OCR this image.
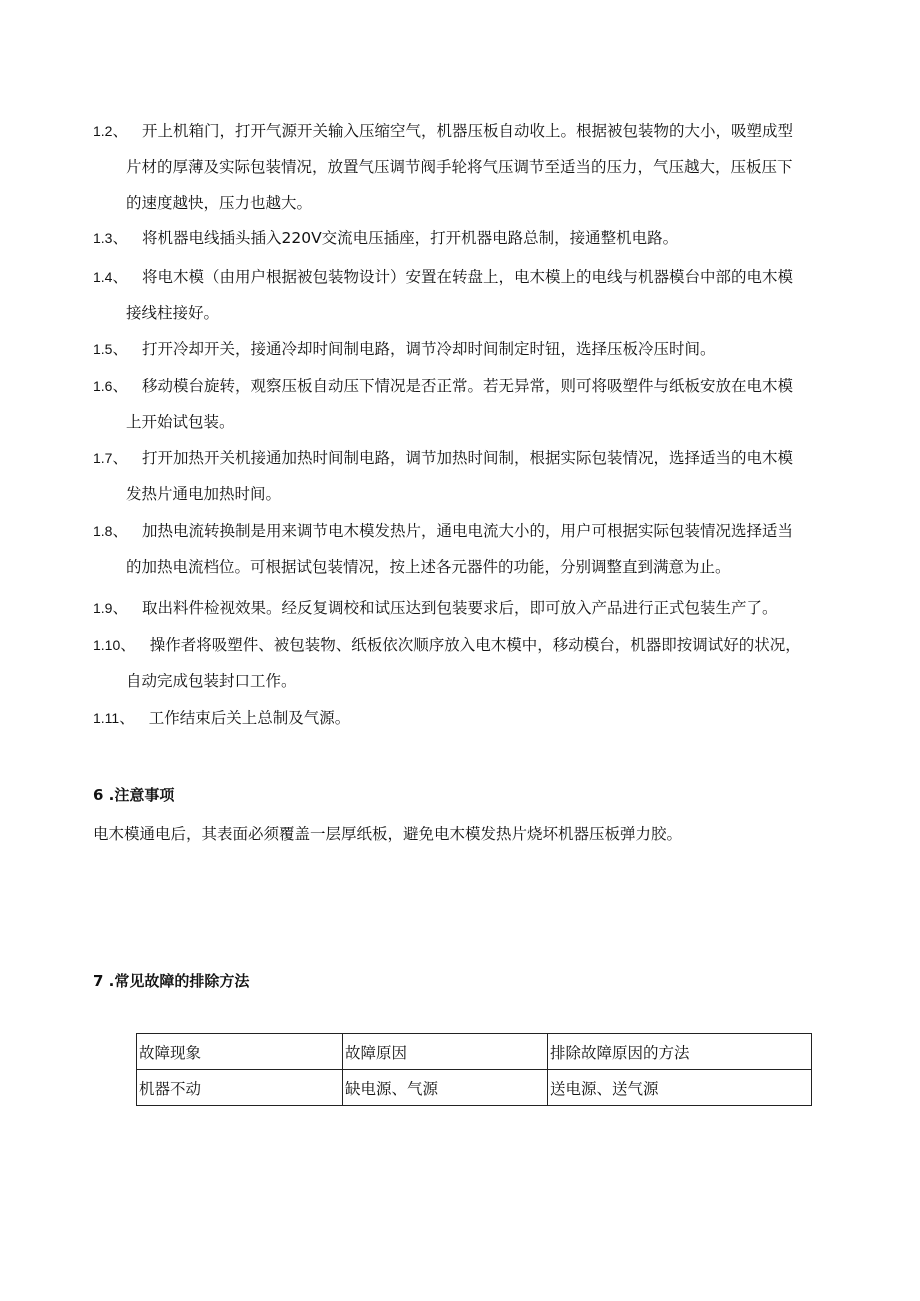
1.2、 开上机箱门，打开气源开关输入压缩空气，机器压板自动收上。根据被包装物的大小，吸塑成型
片材的厚薄及实际包装情况，放置气压调节阀手轮将气压调节至适当的压力，气压越大，压板压下
的速度越快，压力也越大。
1.3、 将机器电线插头插入220V交流电压插座，打开机器电路总制，接通整机电路。
1.4、 将电木模（由用户根据被包装物设计）安置在转盘上，电木模上的电线与机器模台中部的电木模
接线柱接好。
1.5、 打开冷却开关，接通冷却时间制电路，调节冷却时间制定时钮，选择压板冷压时间。
1.6、 移动模台旋转，观察压板自动压下情况是否正常。若无异常，则可将吸塑件与纸板安放在电木模
上开始试包装。
1.7、 打开加热开关机接通加热时间制电路，调节加热时间制，根据实际包装情况，选择适当的电木模
发热片通电加热时间。
1.8、 加热电流转换制是用来调节电木模发热片，通电电流大小的，用户可根据实际包装情况选择适当
的加热电流档位。可根据试包装情况，按上述各元器件的功能，分别调整直到满意为止。
1.9、 取出料件检视效果。经反复调校和试压达到包装要求后，即可放入产品进行正式包装生产了。
1.10、 操作者将吸塑件、被包装物、纸板依次顺序放入电木模中，移动模台，机器即按调试好的状况，
自动完成包装封口工作。
1.11、 工作结束后关上总制及气源。
6 .注意事项
电木模通电后，其表面必须覆盖一层厚纸板，避免电木模发热片烧坏机器压板弹力胶。
7 .常见故障的排除方法
故障现象	故障原因	排除故障原因的方法
机器不动	缺电源、气源	送电源、送气源
